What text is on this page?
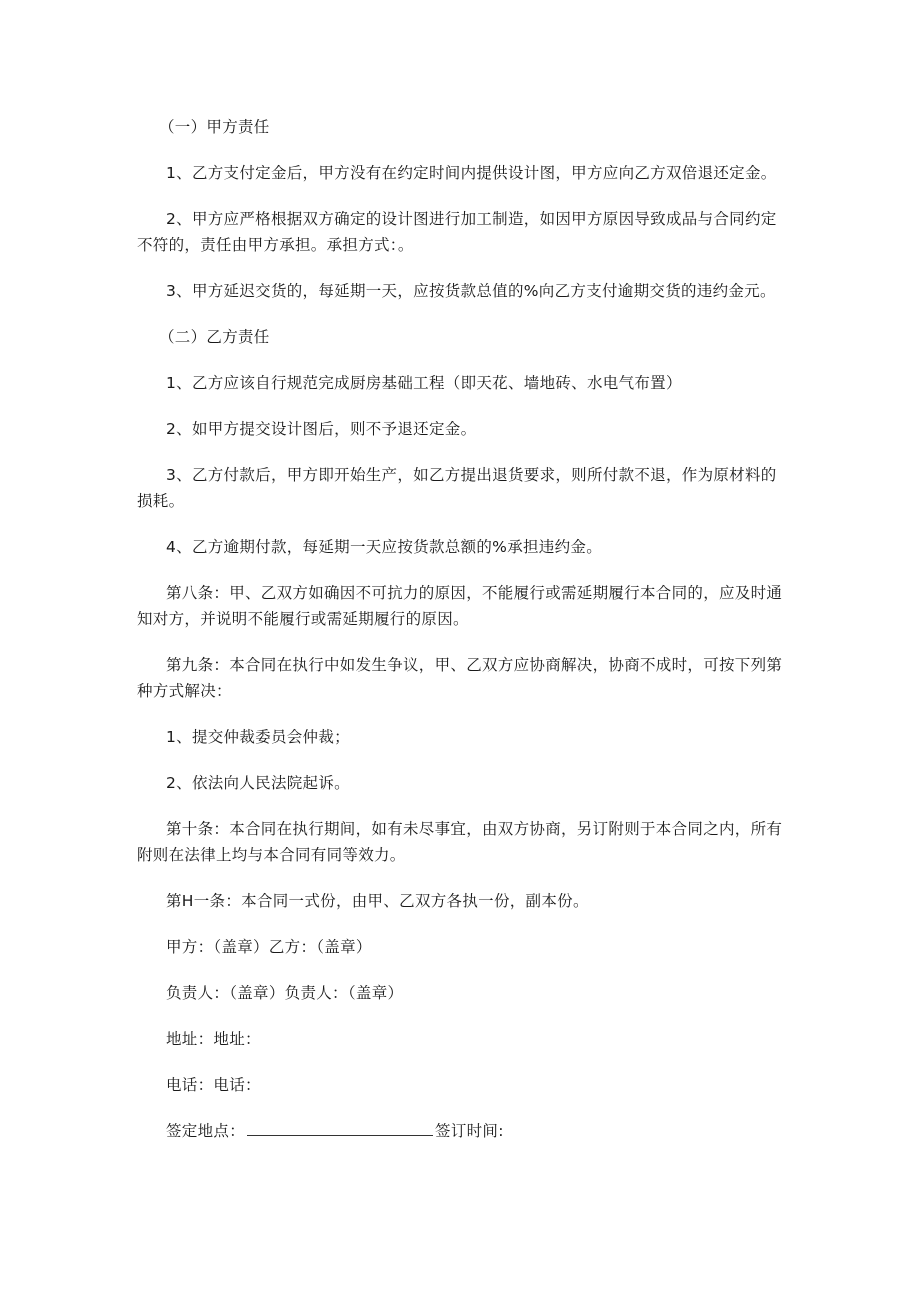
（一）甲方责任

1、乙方支付定金后，甲方没有在约定时间内提供设计图，甲方应向乙方双倍退还定金。

2、甲方应严格根据双方确定的设计图进行加工制造，如因甲方原因导致成品与合同约定不符的，责任由甲方承担。承担方式：。

3、甲方延迟交货的，每延期一天，应按货款总值的%向乙方支付逾期交货的违约金元。

（二）乙方责任

1、乙方应该自行规范完成厨房基础工程（即天花、墙地砖、水电气布置）

2、如甲方提交设计图后，则不予退还定金。

3、乙方付款后，甲方即开始生产，如乙方提出退货要求，则所付款不退，作为原材料的损耗。

4、乙方逾期付款，每延期一天应按货款总额的%承担违约金。

第八条：甲、乙双方如确因不可抗力的原因，不能履行或需延期履行本合同的，应及时通知对方，并说明不能履行或需延期履行的原因。

第九条：本合同在执行中如发生争议，甲、乙双方应协商解决，协商不成时，可按下列第种方式解决：

1、提交仲裁委员会仲裁；

2、依法向人民法院起诉。

第十条：本合同在执行期间，如有未尽事宜，由双方协商，另订附则于本合同之内，所有附则在法律上均与本合同有同等效力。

第H一条：本合同一式份，由甲、乙双方各执一份，副本份。

甲方：（盖章）乙方：（盖章）

负责人：（盖章）负责人：（盖章）

地址：地址：

电话：电话：

签定地点：	签订时间:
